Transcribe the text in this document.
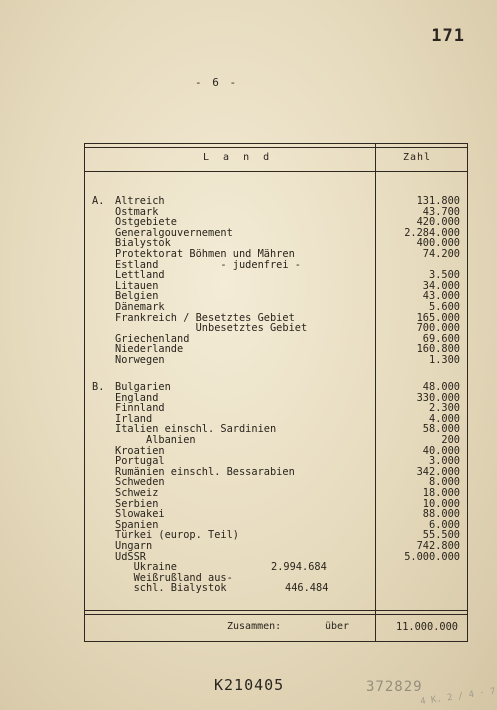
171
- 6 -
L a n d	Zahl
A. Altreich	131.800
Ostmark	43.700
Ostgebiete	420.000
Generalgouvernement	2.284.000
Bialystok	400.000
Protektorat Böhmen und Mähren	74.200
Estland          - judenfrei -
Lettland	3.500
Litauen	34.000
Belgien	43.000
Dänemark	5.600
Frankreich / Besetztes Gebiet	165.000
Unbesetztes Gebiet	700.000
Griechenland	69.600
Niederlande	160.800
Norwegen	1.300
B. Bulgarien	48.000
England	330.000
Finnland	2.300
Irland	4.000
Italien einschl. Sardinien	58.000
Albanien	200
Kroatien	40.000
Portugal	3.000
Rumänien einschl. Bessarabien	342.000
Schweden	8.000
Schweiz	18.000
Serbien	10.000
Slowakei	88.000
Spanien	6.000
Türkei (europ. Teil)	55.500
Ungarn	742.800
UdSSR	5.000.000
Ukraine	2.994.684
Weißrußland aus-
schl. Bialystok	446.484
Zusammen:	über	11.000.000
K210405	372829
4 K. 2 / 4 · 7
